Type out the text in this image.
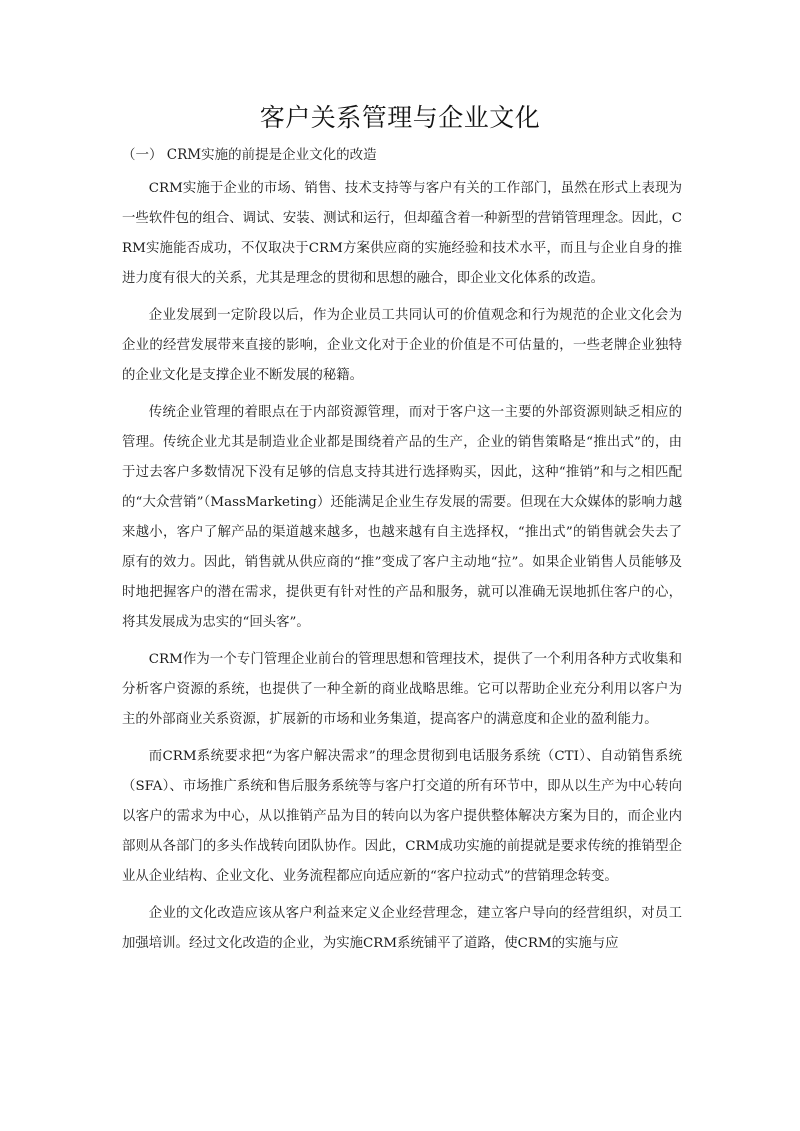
客户关系管理与企业文化
（一） CRM实施的前提是企业文化的改造

CRM实施于企业的市场、销售、技术支持等与客户有关的工作部门，虽然在形式上表现为一些软件包的组合、调试、安装、测试和运行，但却蕴含着一种新型的营销管理理念。因此，CRM实施能否成功，不仅取决于CRM方案供应商的实施经验和技术水平，而且与企业自身的推进力度有很大的关系，尤其是理念的贯彻和思想的融合，即企业文化体系的改造。

企业发展到一定阶段以后，作为企业员工共同认可的价值观念和行为规范的企业文化会为企业的经营发展带来直接的影响，企业文化对于企业的价值是不可估量的，一些老牌企业独特的企业文化是支撑企业不断发展的秘籍。

传统企业管理的着眼点在于内部资源管理，而对于客户这一主要的外部资源则缺乏相应的管理。传统企业尤其是制造业企业都是围绕着产品的生产，企业的销售策略是“推出式”的，由于过去客户多数情况下没有足够的信息支持其进行选择购买，因此，这种“推销”和与之相匹配的“大众营销”（MassMarketing）还能满足企业生存发展的需要。但现在大众媒体的影响力越来越小，客户了解产品的渠道越来越多，也越来越有自主选择权，“推出式”的销售就会失去了原有的效力。因此，销售就从供应商的“推”变成了客户主动地“拉”。如果企业销售人员能够及时地把握客户的潜在需求，提供更有针对性的产品和服务，就可以准确无误地抓住客户的心，将其发展成为忠实的“回头客”。

CRM作为一个专门管理企业前台的管理思想和管理技术，提供了一个利用各种方式收集和分析客户资源的系统，也提供了一种全新的商业战略思维。它可以帮助企业充分利用以客户为主的外部商业关系资源，扩展新的市场和业务集道，提高客户的满意度和企业的盈利能力。

而CRM系统要求把“为客户解决需求”的理念贯彻到电话服务系统（CTI）、自动销售系统（SFA）、市场推广系统和售后服务系统等与客户打交道的所有环节中，即从以生产为中心转向以客户的需求为中心，从以推销产品为目的转向以为客户提供整体解决方案为目的，而企业内部则从各部门的多头作战转向团队协作。因此，CRM成功实施的前提就是要求传统的推销型企业从企业结构、企业文化、业务流程都应向适应新的“客户拉动式”的营销理念转变。

企业的文化改造应该从客户利益来定义企业经营理念，建立客户导向的经营组织，对员工加强培训。经过文化改造的企业，为实施CRM系统铺平了道路，使CRM的实施与应
